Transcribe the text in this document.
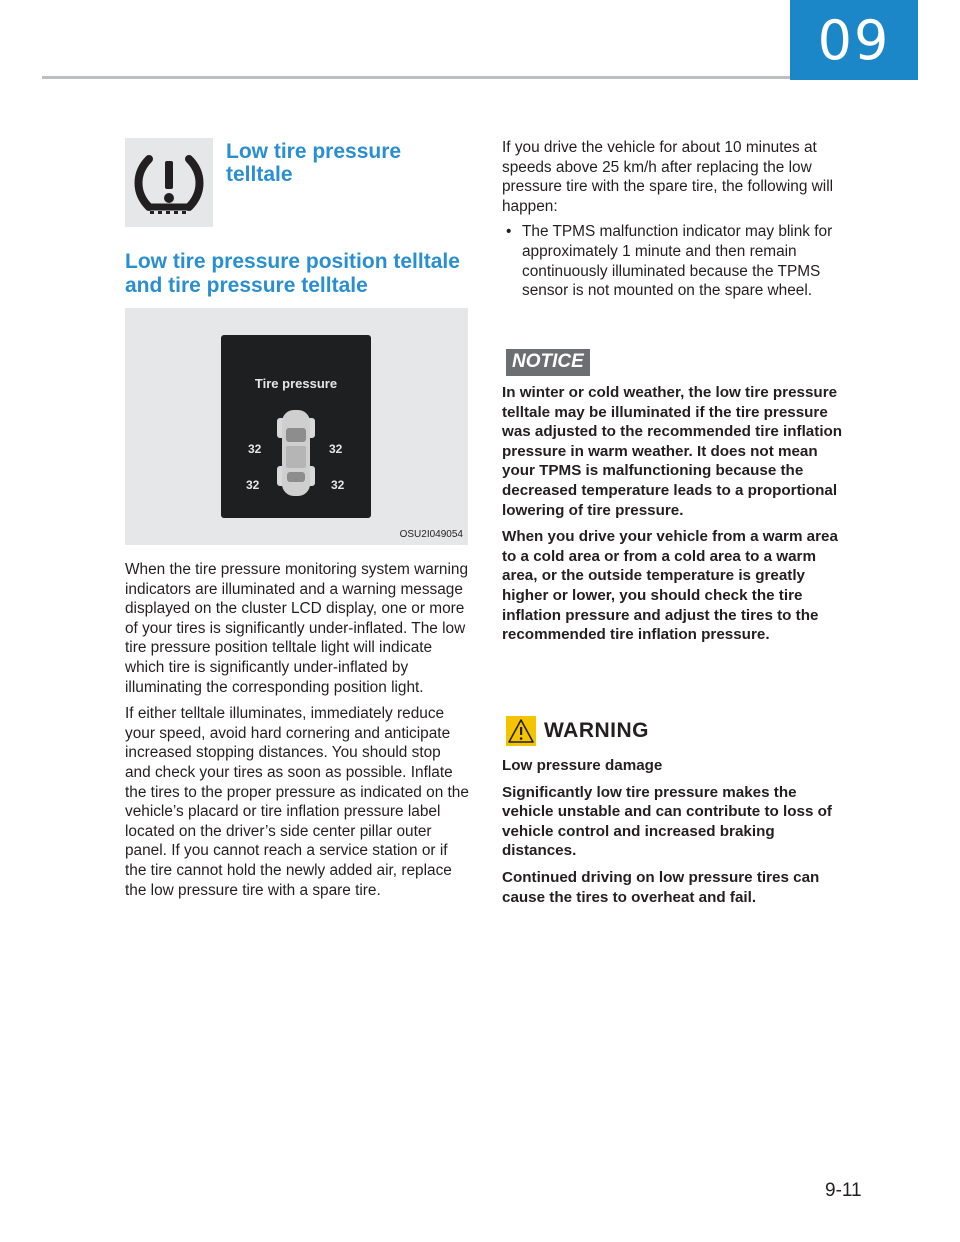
09
Low tire pressure telltale
Low tire pressure position telltale and tire pressure telltale
Tire pressure
32	32
32	32
OSU2I049054

When the tire pressure monitoring system warning indicators are illuminated and a warning message displayed on the cluster LCD display, one or more of your tires is significantly under-inflated. The low tire pressure position telltale light will indicate which tire is significantly under-inflated by illuminating the corresponding position light.

If either telltale illuminates, immediately reduce your speed, avoid hard cornering and anticipate increased stopping distances. You should stop and check your tires as soon as possible. Inflate the tires to the proper pressure as indicated on the vehicle’s placard or tire inflation pressure label located on the driver’s side center pillar outer panel. If you cannot reach a service station or if the tire cannot hold the newly added air, replace the low pressure tire with a spare tire.

If you drive the vehicle for about 10 minutes at speeds above 25 km/h after replacing the low pressure tire with the spare tire, the following will happen:

• The TPMS malfunction indicator may blink for approximately 1 minute and then remain continuously illuminated because the TPMS sensor is not mounted on the spare wheel.
NOTICE

In winter or cold weather, the low tire pressure telltale may be illuminated if the tire pressure was adjusted to the recommended tire inflation pressure in warm weather. It does not mean your TPMS is malfunctioning because the decreased temperature leads to a proportional lowering of tire pressure.

When you drive your vehicle from a warm area to a cold area or from a cold area to a warm area, or the outside temperature is greatly higher or lower, you should check the tire inflation pressure and adjust the tires to the recommended tire inflation pressure.

WARNING

Low pressure damage

Significantly low tire pressure makes the vehicle unstable and can contribute to loss of vehicle control and increased braking distances.

Continued driving on low pressure tires can cause the tires to overheat and fail.

9-11
